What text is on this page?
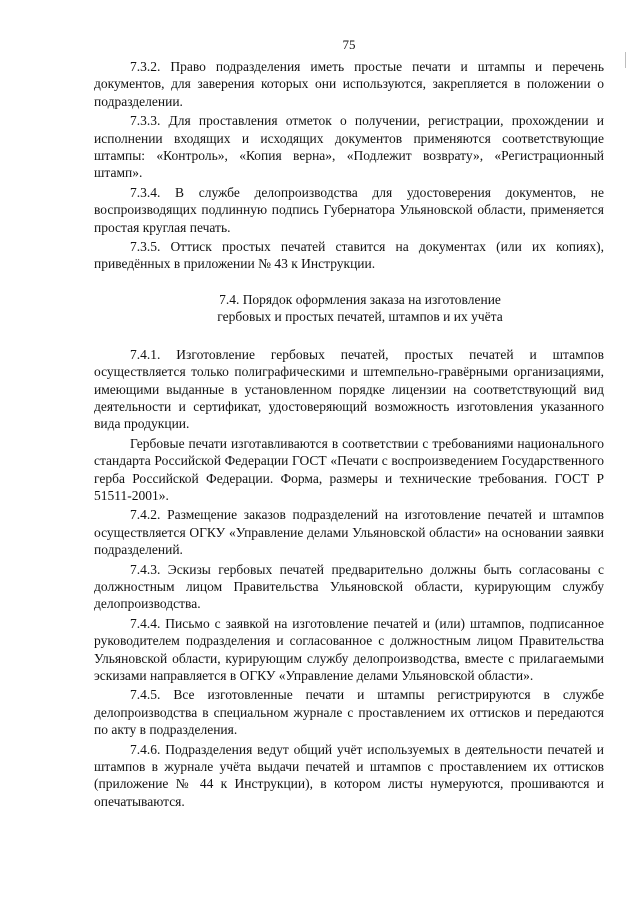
75

7.3.2. Право подразделения иметь простые печати и штампы и перечень документов, для заверения которых они используются, закрепляется в положении о подразделении.

7.3.3. Для проставления отметок о получении, регистрации, прохождении и исполнении входящих и исходящих документов применяются соответствующие штампы: «Контроль», «Копия верна», «Подлежит возврату», «Регистрационный штамп».

7.3.4. В службе делопроизводства для удостоверения документов, не воспроизводящих подлинную подпись Губернатора Ульяновской области, применяется простая круглая печать.

7.3.5. Оттиск простых печатей ставится на документах (или их копиях), приведённых в приложении № 43 к Инструкции.

7.4. Порядок оформления заказа на изготовление
гербовых и простых печатей, штампов и их учёта

7.4.1. Изготовление гербовых печатей, простых печатей и штампов осуществляется только полиграфическими и штемпельно-гравёрными организациями, имеющими выданные в установленном порядке лицензии на соответствующий вид деятельности и сертификат, удостоверяющий возможность изготовления указанного вида продукции.

Гербовые печати изготавливаются в соответствии с требованиями национального стандарта Российской Федерации ГОСТ «Печати с воспроизведением Государственного герба Российской Федерации. Форма, размеры и технические требования. ГОСТ Р 51511-2001».

7.4.2. Размещение заказов подразделений на изготовление печатей и штампов осуществляется ОГКУ «Управление делами Ульяновской области» на основании заявки подразделений.

7.4.3. Эскизы гербовых печатей предварительно должны быть согласованы с должностным лицом Правительства Ульяновской области, курирующим службу делопроизводства.

7.4.4. Письмо с заявкой на изготовление печатей и (или) штампов, подписанное руководителем подразделения и согласованное с должностным лицом Правительства Ульяновской области, курирующим службу делопроизводства, вместе с прилагаемыми эскизами направляется в ОГКУ «Управление делами Ульяновской области».

7.4.5. Все изготовленные печати и штампы регистрируются в службе делопроизводства в специальном журнале с проставлением их оттисков и передаются по акту в подразделения.

7.4.6. Подразделения ведут общий учёт используемых в деятельности печатей и штампов в журнале учёта выдачи печатей и штампов с проставлением их оттисков (приложение № 44 к Инструкции), в котором листы нумеруются, прошиваются и опечатываются.
